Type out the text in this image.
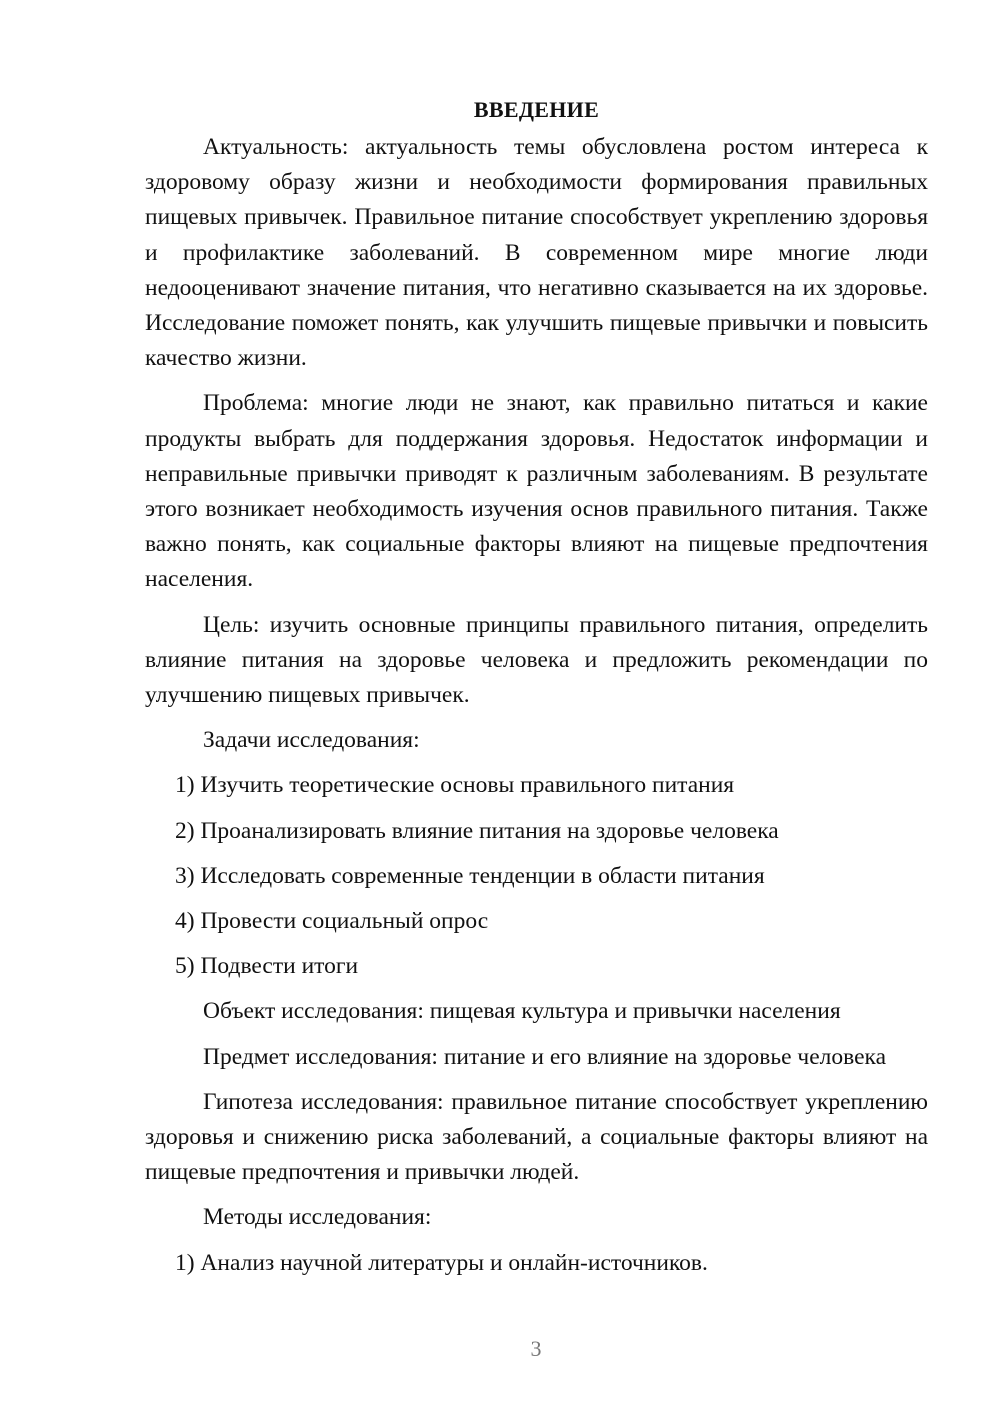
ВВЕДЕНИЕ

Актуальность: актуальность темы обусловлена ростом интереса к здоровому образу жизни и необходимости формирования правильных пищевых привычек. Правильное питание способствует укреплению здоровья и профилактике заболеваний. В современном мире многие люди недооценивают значение питания, что негативно сказывается на их здоровье. Исследование поможет понять, как улучшить пищевые привычки и повысить качество жизни.

Проблема: многие люди не знают, как правильно питаться и какие продукты выбрать для поддержания здоровья. Недостаток информации и неправильные привычки приводят к различным заболеваниям. В результате этого возникает необходимость изучения основ правильного питания. Также важно понять, как социальные факторы влияют на пищевые предпочтения населения.

Цель: изучить основные принципы правильного питания, определить влияние питания на здоровье человека и предложить рекомендации по улучшению пищевых привычек.

Задачи исследования:

1) Изучить теоретические основы правильного питания

2) Проанализировать влияние питания на здоровье человека

3) Исследовать современные тенденции в области питания

4) Провести социальный опрос

5) Подвести итоги

Объект исследования: пищевая культура и привычки населения

Предмет исследования: питание и его влияние на здоровье человека

Гипотеза исследования: правильное питание способствует укреплению здоровья и снижению риска заболеваний, а социальные факторы влияют на пищевые предпочтения и привычки людей.

Методы исследования:

1) Анализ научной литературы и онлайн-источников.

3
